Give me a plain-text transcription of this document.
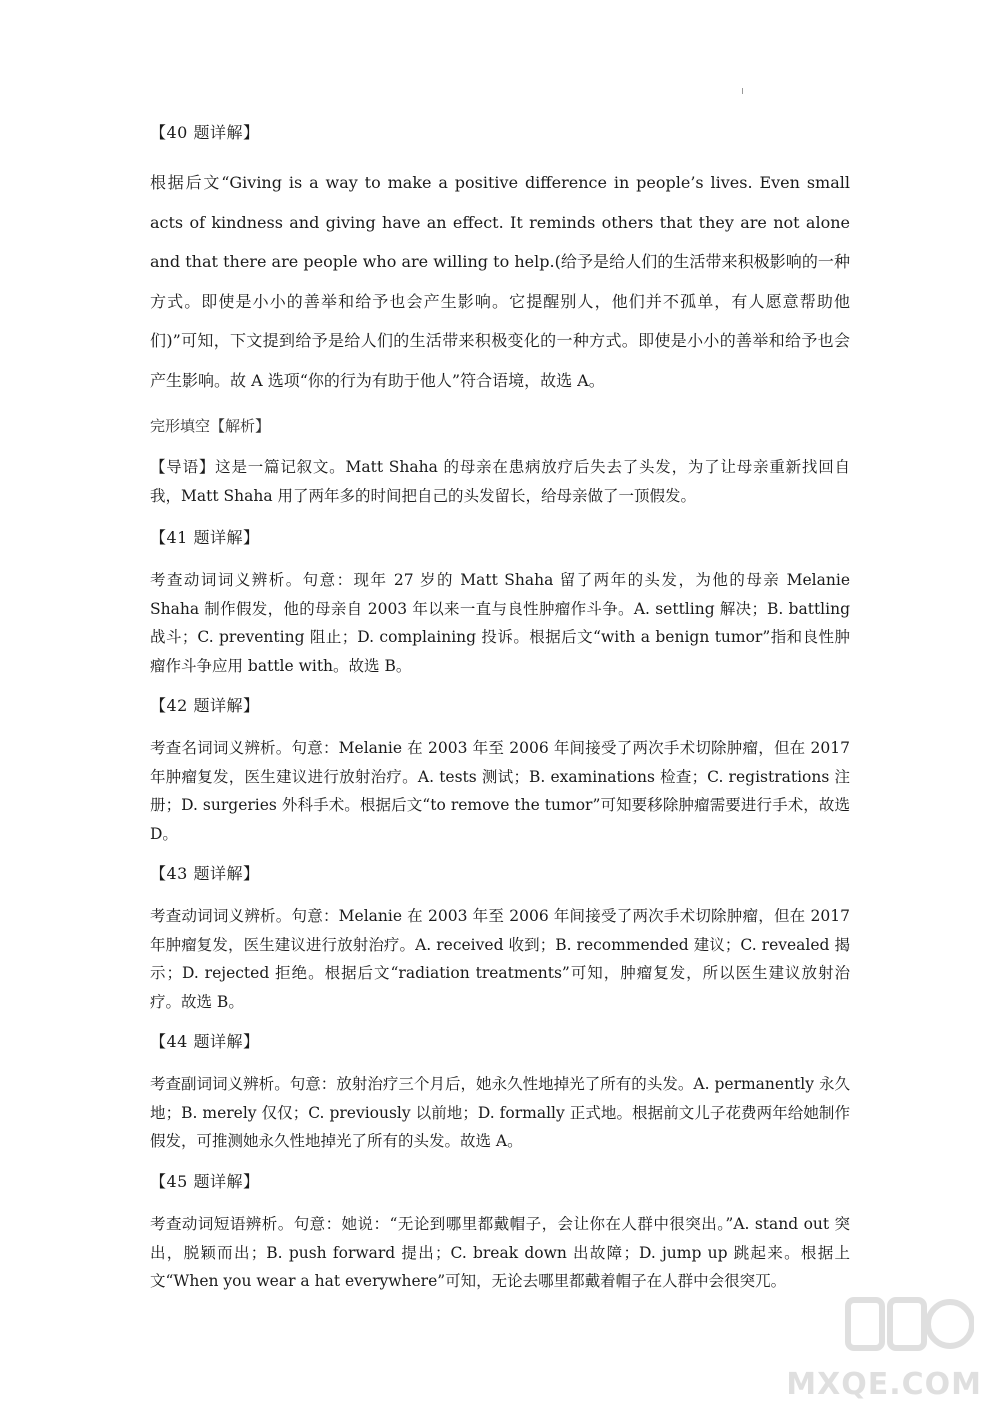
【40 题详解】
根据后文“Giving is a way to make a positive difference in people’s lives. Even small acts of kindness and giving have an effect. It reminds others that they are not alone and that there are people who are willing to help.(给予是给人们的生活带来积极影响的一种方式。即使是小小的善举和给予也会产生影响。它提醒别人，他们并不孤单，有人愿意帮助他们)”可知，下文提到给予是给人们的生活带来积极变化的一种方式。即使是小小的善举和给予也会产生影响。故 A 选项“你的行为有助于他人”符合语境，故选 A。
完形填空【解析】
【导语】这是一篇记叙文。Matt Shaha 的母亲在患病放疗后失去了头发，为了让母亲重新找回自我，Matt Shaha 用了两年多的时间把自己的头发留长，给母亲做了一顶假发。
【41 题详解】
考查动词词义辨析。句意：现年 27 岁的 Matt Shaha 留了两年的头发，为他的母亲 Melanie Shaha 制作假发，他的母亲自 2003 年以来一直与良性肿瘤作斗争。A. settling 解决；B. battling 战斗；C. preventing 阻止；D. complaining 投诉。根据后文“with a benign tumor”指和良性肿瘤作斗争应用 battle with。故选 B。
【42 题详解】
考查名词词义辨析。句意：Melanie 在 2003 年至 2006 年间接受了两次手术切除肿瘤，但在 2017 年肿瘤复发，医生建议进行放射治疗。A. tests 测试；B. examinations 检查；C. registrations 注册；D. surgeries 外科手术。根据后文“to remove the tumor”可知要移除肿瘤需要进行手术，故选 D。
【43 题详解】
考查动词词义辨析。句意：Melanie 在 2003 年至 2006 年间接受了两次手术切除肿瘤，但在 2017 年肿瘤复发，医生建议进行放射治疗。A. received 收到；B. recommended 建议；C. revealed 揭示；D. rejected 拒绝。根据后文“radiation treatments”可知，肿瘤复发，所以医生建议放射治疗。故选 B。
【44 题详解】
考查副词词义辨析。句意：放射治疗三个月后，她永久性地掉光了所有的头发。A. permanently 永久地；B. merely 仅仅；C. previously 以前地；D. formally 正式地。根据前文儿子花费两年给她制作假发，可推测她永久性地掉光了所有的头发。故选 A。
【45 题详解】
考查动词短语辨析。句意：她说：“无论到哪里都戴帽子，会让你在人群中很突出。”A. stand out 突出，脱颖而出；B. push forward 提出；C. break down 出故障；D. jump up 跳起来。根据上文“When you wear a hat everywhere”可知，无论去哪里都戴着帽子在人群中会很突兀。
MXQE.COM
